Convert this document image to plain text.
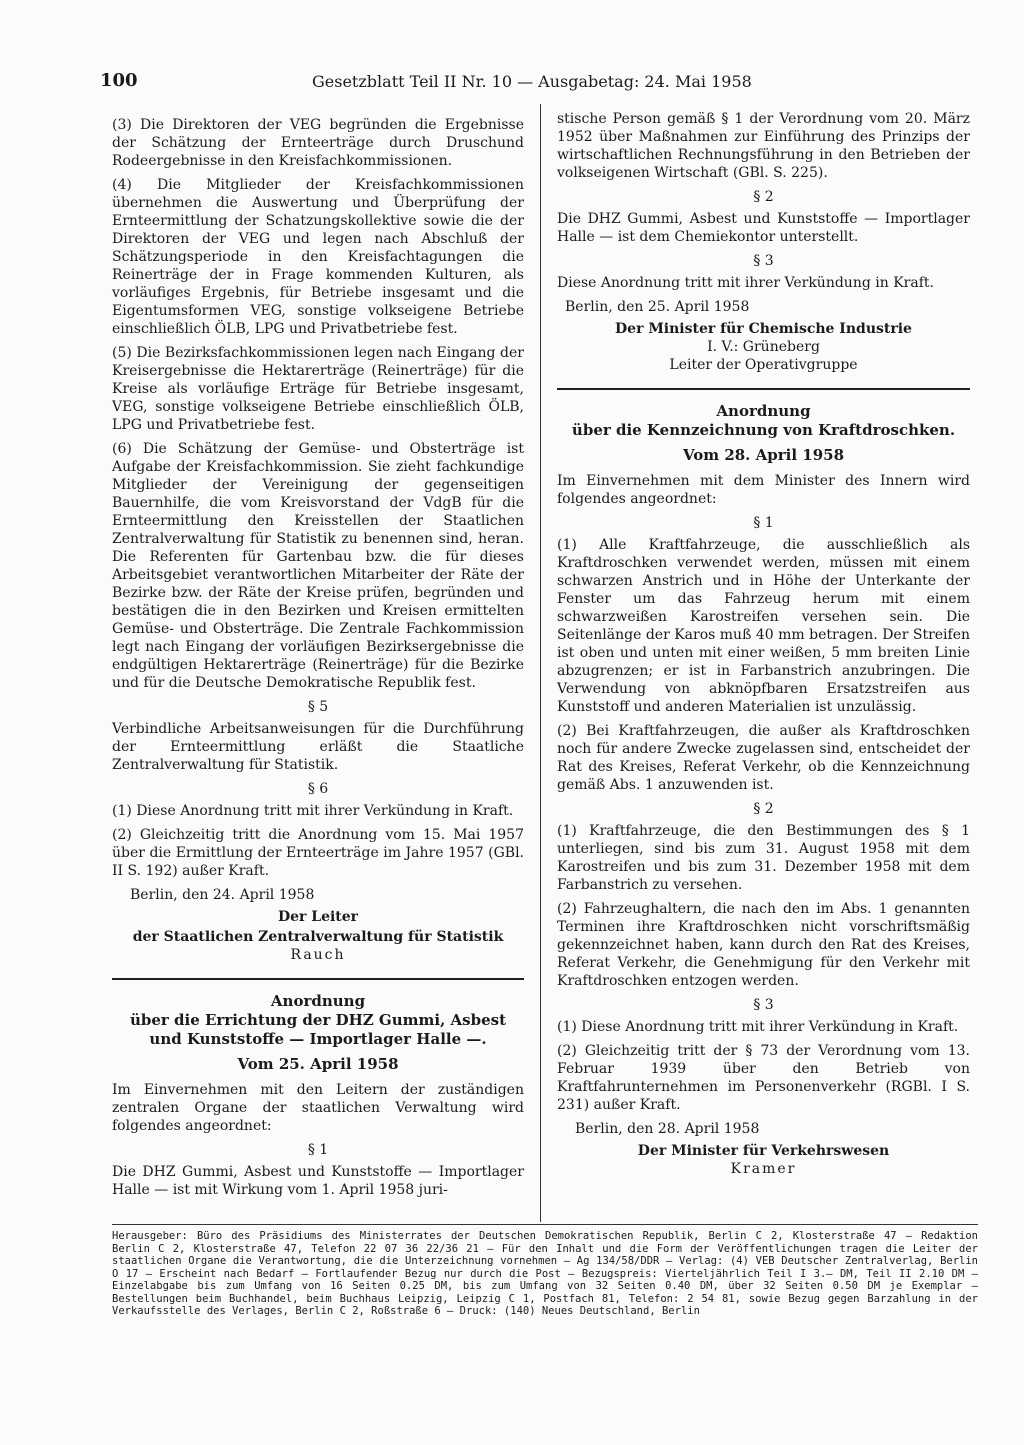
100	Gesetzblatt Teil II Nr. 10 — Ausgabetag: 24. Mai 1958

(3) Die Direktoren der VEG begründen die Ergebnisse der Schätzung der Ernteerträge durch Druschund Rodeergebnisse in den Kreisfachkommissionen.

(4) Die Mitglieder der Kreisfachkommissionen übernehmen die Auswertung und Überprüfung der Ernteermittlung der Schatzungskollektive sowie die der Direktoren der VEG und legen nach Abschluß der Schätzungsperiode in den Kreisfachtagungen die Reinerträge der in Frage kommenden Kulturen, als vorläufiges Ergebnis, für Betriebe insgesamt und die Eigentumsformen VEG, sonstige volkseigene Betriebe einschließlich ÖLB, LPG und Privatbetriebe fest.

(5) Die Bezirksfachkommissionen legen nach Eingang der Kreisergebnisse die Hektarerträge (Reinerträge) für die Kreise als vorläufige Erträge für Betriebe insgesamt, VEG, sonstige volkseigene Betriebe einschließlich ÖLB, LPG und Privatbetriebe fest.

(6) Die Schätzung der Gemüse- und Obsterträge ist Aufgabe der Kreisfachkommission. Sie zieht fachkundige Mitglieder der Vereinigung der gegenseitigen Bauernhilfe, die vom Kreisvorstand der VdgB für die Ernteermittlung den Kreisstellen der Staatlichen Zentralverwaltung für Statistik zu benennen sind, heran. Die Referenten für Gartenbau bzw. die für dieses Arbeitsgebiet verantwortlichen Mitarbeiter der Räte der Bezirke bzw. der Räte der Kreise prüfen, begründen und bestätigen die in den Bezirken und Kreisen ermittelten Gemüse- und Obsterträge. Die Zentrale Fachkommission legt nach Eingang der vorläufigen Bezirksergebnisse die endgültigen Hektarerträge (Reinerträge) für die Bezirke und für die Deutsche Demokratische Republik fest.

§ 5

Verbindliche Arbeitsanweisungen für die Durchführung der Ernteermittlung erläßt die Staatliche Zentralverwaltung für Statistik.

§ 6

(1) Diese Anordnung tritt mit ihrer Verkündung in Kraft.

(2) Gleichzeitig tritt die Anordnung vom 15. Mai 1957 über die Ermittlung der Ernteerträge im Jahre 1957 (GBl. II S. 192) außer Kraft.

Berlin, den 24. April 1958
Der Leiter
der Staatlichen Zentralverwaltung für Statistik
Rauch
Anordnung
über die Errichtung der DHZ Gummi, Asbest
und Kunststoffe — Importlager Halle —.
Vom 25. April 1958

Im Einvernehmen mit den Leitern der zuständigen zentralen Organe der staatlichen Verwaltung wird folgendes angeordnet:

§ 1

Die DHZ Gummi, Asbest und Kunststoffe — Importlager Halle — ist mit Wirkung vom 1. April 1958 juri-

stische Person gemäß § 1 der Verordnung vom 20. März 1952 über Maßnahmen zur Einführung des Prinzips der wirtschaftlichen Rechnungsführung in den Betrieben der volkseigenen Wirtschaft (GBl. S. 225).

§ 2

Die DHZ Gummi, Asbest und Kunststoffe — Importlager Halle — ist dem Chemiekontor unterstellt.

§ 3

Diese Anordnung tritt mit ihrer Verkündung in Kraft.

Berlin, den 25. April 1958
Der Minister für Chemische Industrie
I. V.: Grüneberg
Leiter der Operativgruppe
Anordnung
über die Kennzeichnung von Kraftdroschken.
Vom 28. April 1958

Im Einvernehmen mit dem Minister des Innern wird folgendes angeordnet:

§ 1

(1) Alle Kraftfahrzeuge, die ausschließlich als Kraftdroschken verwendet werden, müssen mit einem schwarzen Anstrich und in Höhe der Unterkante der Fenster um das Fahrzeug herum mit einem schwarzweißen Karostreifen versehen sein. Die Seitenlänge der Karos muß 40 mm betragen. Der Streifen ist oben und unten mit einer weißen, 5 mm breiten Linie abzugrenzen; er ist in Farbanstrich anzubringen. Die Verwendung von abknöpfbaren Ersatzstreifen aus Kunststoff und anderen Materialien ist unzulässig.

(2) Bei Kraftfahrzeugen, die außer als Kraftdroschken noch für andere Zwecke zugelassen sind, entscheidet der Rat des Kreises, Referat Verkehr, ob die Kennzeichnung gemäß Abs. 1 anzuwenden ist.

§ 2

(1) Kraftfahrzeuge, die den Bestimmungen des § 1 unterliegen, sind bis zum 31. August 1958 mit dem Karostreifen und bis zum 31. Dezember 1958 mit dem Farbanstrich zu versehen.

(2) Fahrzeughaltern, die nach den im Abs. 1 genannten Terminen ihre Kraftdroschken nicht vorschriftsmäßig gekennzeichnet haben, kann durch den Rat des Kreises, Referat Verkehr, die Genehmigung für den Verkehr mit Kraftdroschken entzogen werden.

§ 3

(1) Diese Anordnung tritt mit ihrer Verkündung in Kraft.

(2) Gleichzeitig tritt der § 73 der Verordnung vom 13. Februar 1939 über den Betrieb von Kraftfahrunternehmen im Personenverkehr (RGBl. I S. 231) außer Kraft.

Berlin, den 28. April 1958
Der Minister für Verkehrswesen
Kramer
Herausgeber: Büro des Präsidiums des Ministerrates der Deutschen Demokratischen Republik, Berlin C 2, Klosterstraße 47 — Redaktion Berlin C 2, Klosterstraße 47, Telefon 22 07 36 22/36 21 — Für den Inhalt und die Form der Veröffentlichungen tragen die Leiter der staatlichen Organe die Verantwortung, die die Unterzeichnung vornehmen — Ag 134/58/DDR — Verlag: (4) VEB Deutscher Zentralverlag, Berlin O 17 — Erscheint nach Bedarf — Fortlaufender Bezug nur durch die Post — Bezugspreis: Vierteljährlich Teil I 3.— DM, Teil II 2.10 DM — Einzelabgabe bis zum Umfang von 16 Seiten 0.25 DM, bis zum Umfang von 32 Seiten 0.40 DM, über 32 Seiten 0.50 DM je Exemplar — Bestellungen beim Buchhandel, beim Buchhaus Leipzig, Leipzig C 1, Postfach 81, Telefon: 2 54 81, sowie Bezug gegen Barzahlung in der Verkaufsstelle des Verlages, Berlin C 2, Roßstraße 6 — Druck: (140) Neues Deutschland, Berlin
